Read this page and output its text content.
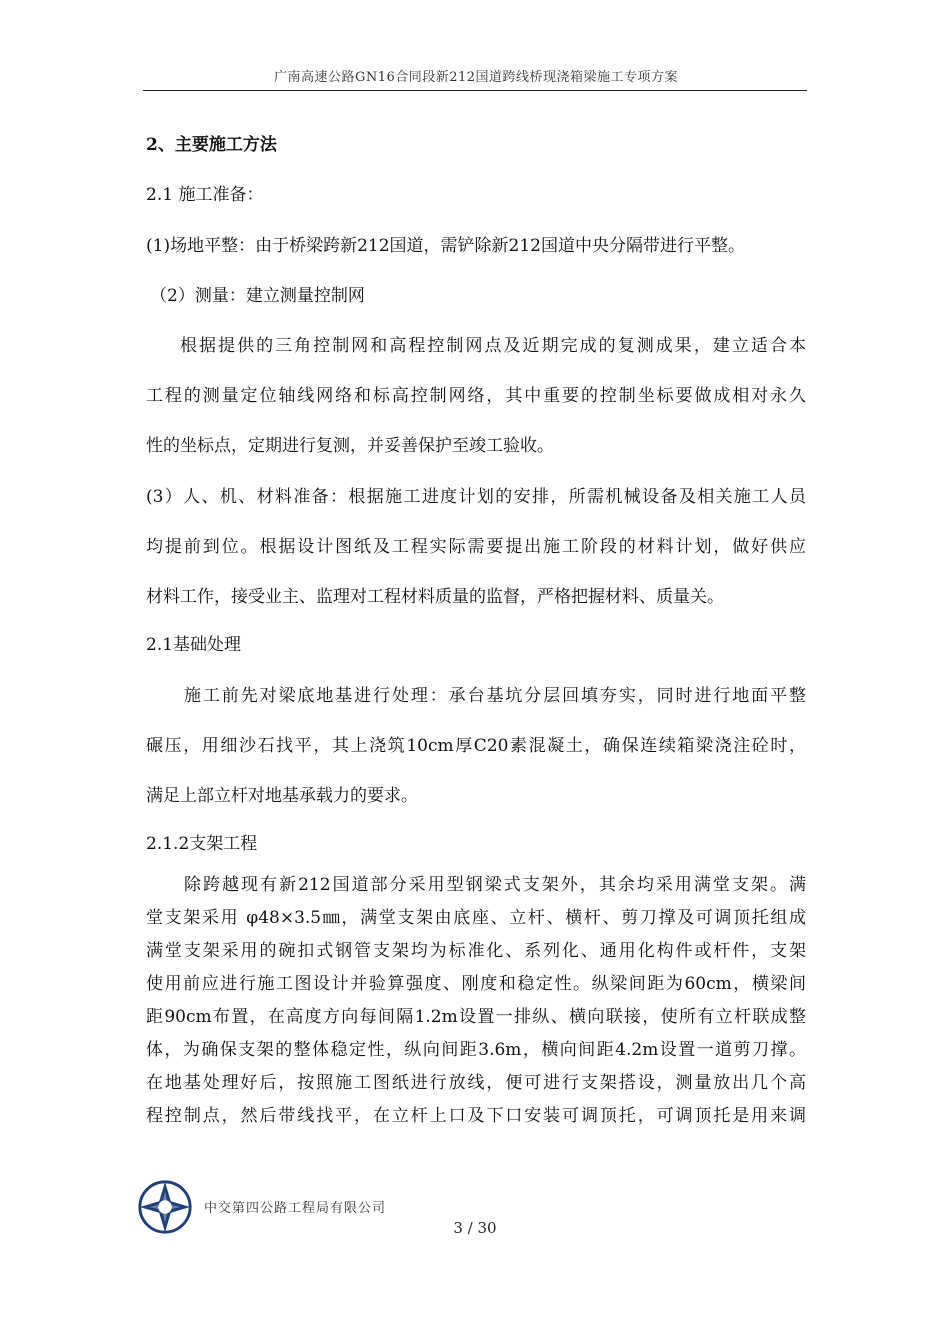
广南高速公路GN16合同段新212国道跨线桥现浇箱梁施工专项方案
2、主要施工方法
2.1 施工准备：
(1)场地平整：由于桥梁跨新212国道，需铲除新212国道中央分隔带进行平整。
（2）测量：建立测量控制网
根据提供的三角控制网和高程控制网点及近期完成的复测成果，建立适合本
工程的测量定位轴线网络和标高控制网络，其中重要的控制坐标要做成相对永久
性的坐标点，定期进行复测，并妥善保护至竣工验收。
(3）人、机、材料准备：根据施工进度计划的安排，所需机械设备及相关施工人员
均提前到位。根据设计图纸及工程实际需要提出施工阶段的材料计划，做好供应
材料工作，接受业主、监理对工程材料质量的监督，严格把握材料、质量关。
2.1基础处理
施工前先对梁底地基进行处理：承台基坑分层回填夯实，同时进行地面平整
碾压，用细沙石找平，其上浇筑10cm厚C20素混凝土，确保连续箱梁浇注砼时，
满足上部立杆对地基承载力的要求。
2.1.2支架工程
除跨越现有新212国道部分采用型钢梁式支架外，其余均采用满堂支架。满
堂支架采用 φ48×3.5㎜，满堂支架由底座、立杆、横杆、剪刀撑及可调顶托组成
满堂支架采用的碗扣式钢管支架均为标准化、系列化、通用化构件或杆件，支架
使用前应进行施工图设计并验算强度、刚度和稳定性。纵梁间距为60cm，横梁间
距90cm布置，在高度方向每间隔1.2m设置一排纵、横向联接，使所有立杆联成整
体，为确保支架的整体稳定性，纵向间距3.6m，横向间距4.2m设置一道剪刀撑。
在地基处理好后，按照施工图纸进行放线，便可进行支架搭设，测量放出几个高
程控制点，然后带线找平，在立杆上口及下口安装可调顶托，可调顶托是用来调
中交第四公路工程局有限公司
3 / 30
